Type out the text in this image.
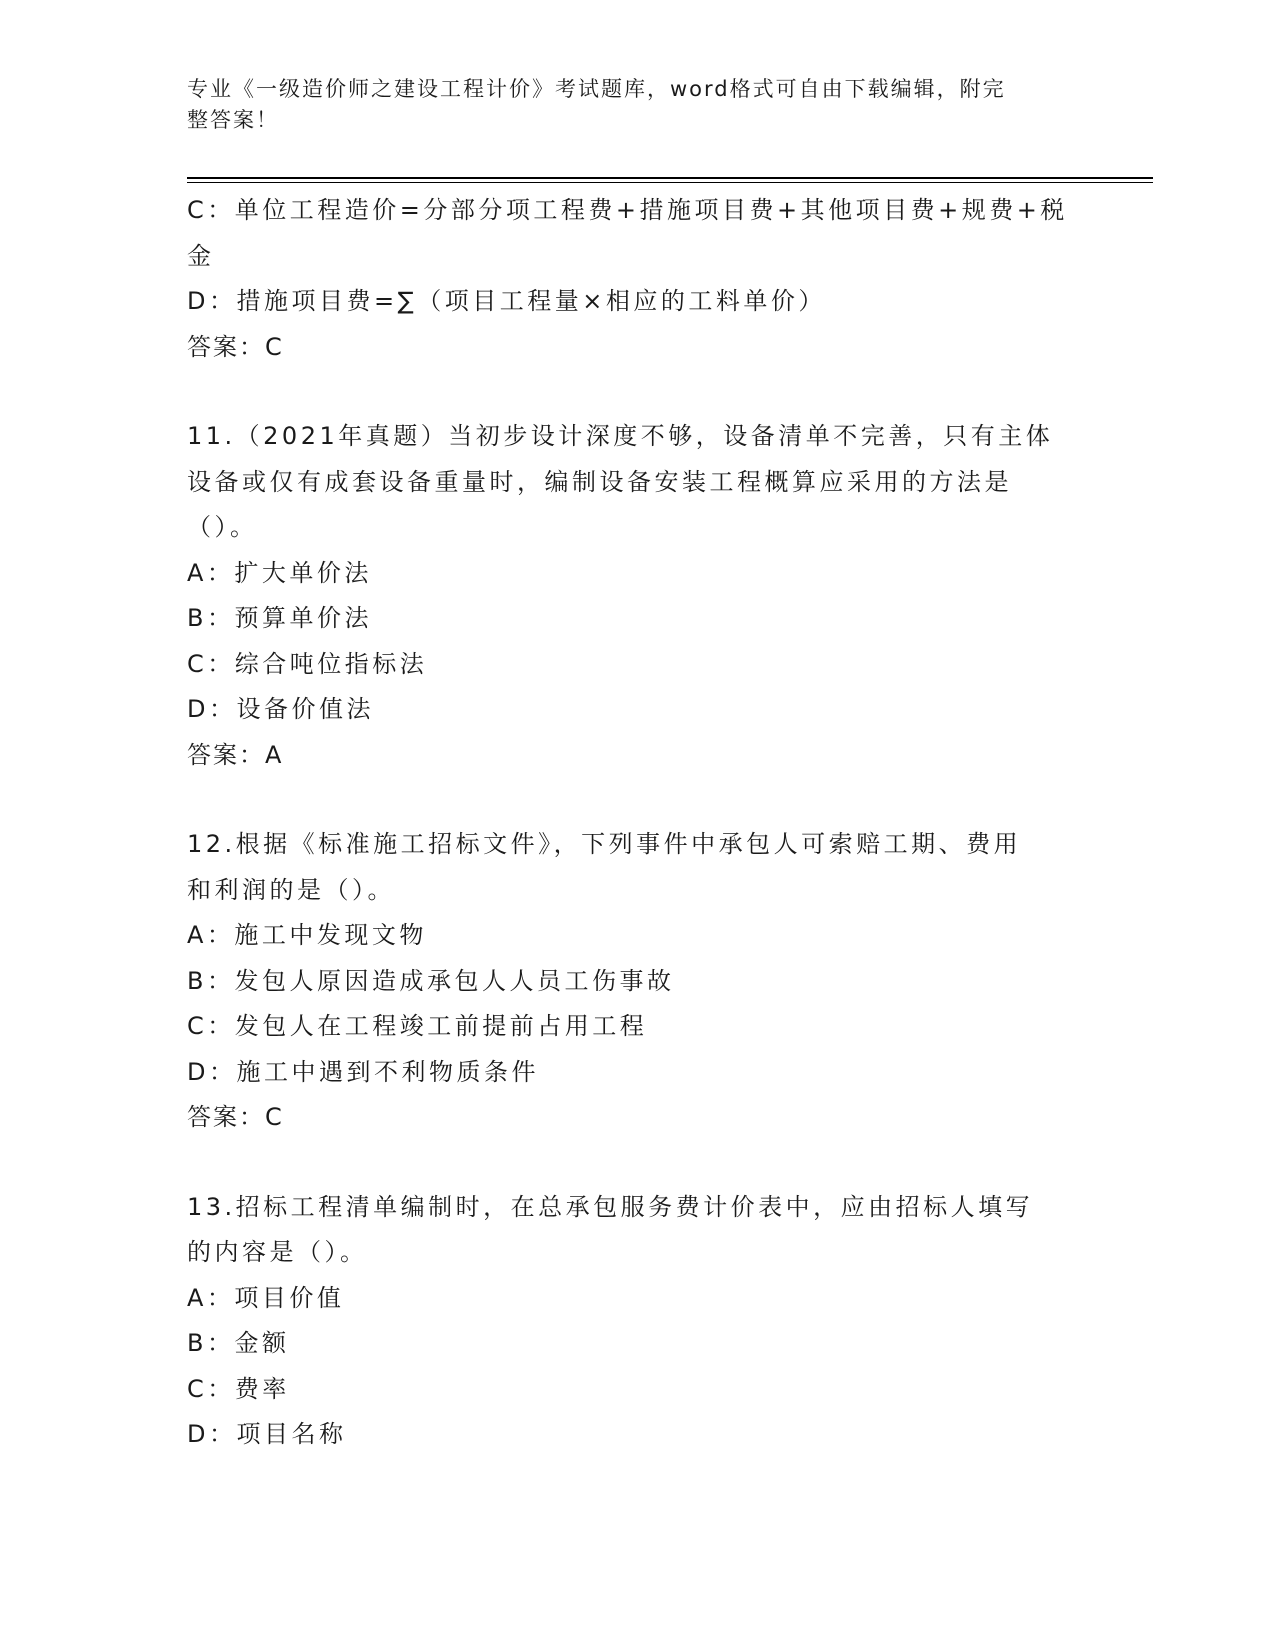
专业《一级造价师之建设工程计价》考试题库，word格式可自由下载编辑，附完
整答案！
C：单位工程造价=分部分项工程费+措施项目费+其他项目费+规费+税
金
D：措施项目费=∑（项目工程量×相应的工料单价）
答案：C
11.（2021年真题）当初步设计深度不够，设备清单不完善，只有主体
设备或仅有成套设备重量时，编制设备安装工程概算应采用的方法是
（）。
A：扩大单价法
B：预算单价法
C：综合吨位指标法
D：设备价值法
答案：A
12.根据《标准施工招标文件》，下列事件中承包人可索赔工期、费用
和利润的是（）。
A：施工中发现文物
B：发包人原因造成承包人人员工伤事故
C：发包人在工程竣工前提前占用工程
D：施工中遇到不利物质条件
答案：C
13.招标工程清单编制时，在总承包服务费计价表中，应由招标人填写
的内容是（）。
A：项目价值
B：金额
C：费率
D：项目名称
